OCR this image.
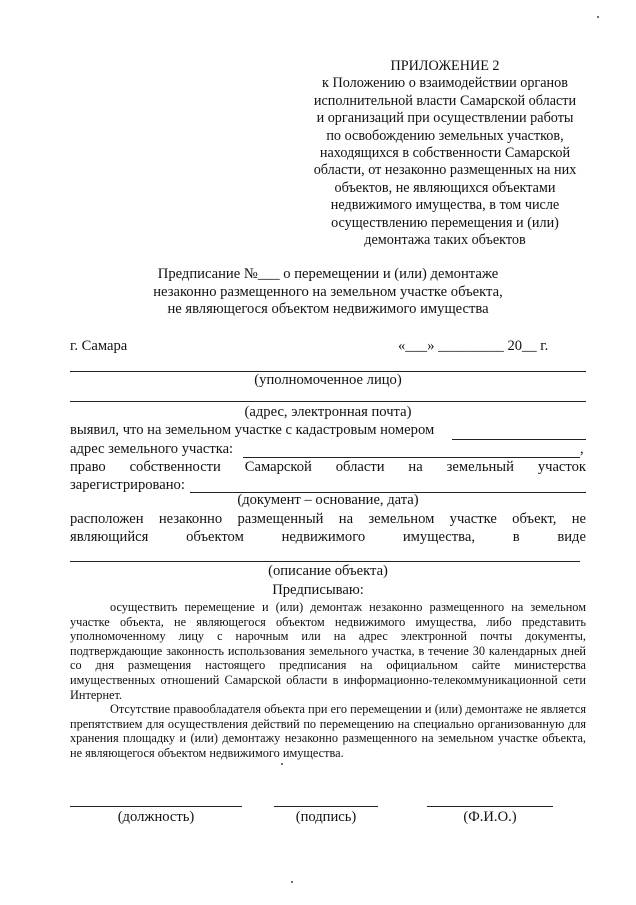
ПРИЛОЖЕНИЕ 2
к Положению о взаимодействии органов
исполнительной власти Самарской области
и организаций при осуществлении работы
по освобождению земельных участков,
находящихся в собственности Самарской
области, от незаконно размещенных на них
объектов, не являющихся объектами
недвижимого имущества, в том числе
осуществлению перемещения и (или)
демонтажа таких объектов
Предписание №___ о перемещении и (или) демонтаже
незаконно размещенного на земельном участке объекта,
не являющегося объектом недвижимого имущества
г. Самара	«___» _________ 20__ г.
(уполномоченное лицо)
(адрес, электронная почта)
выявил, что на земельном участке с кадастровым номером
адрес земельного участка:	,
право собственности Самарской области на земельный участок
зарегистрировано:
(документ – основание, дата)
расположен незаконно размещенный на земельном участке объект, не
являющийся	объектом	недвижимого	имущества,	в	виде
(описание объекта)
Предписываю:

осуществить перемещение и (или) демонтаж незаконно размещенного на земельном участке объекта, не являющегося объектом недвижимого имущества, либо представить уполномоченному лицу с нарочным или на адрес электронной почты документы, подтверждающие законность использования земельного участка, в течение 30 календарных дней со дня размещения настоящего предписания на официальном сайте министерства имущественных отношений Самарской области в информационно-телекоммуникационной сети Интернет.

Отсутствие правообладателя объекта при его перемещении и (или) демонтаже не является препятствием для осуществления действий по перемещению на специально организованную для хранения площадку и (или) демонтажу незаконно размещенного на земельном участке объекта, не являющегося объектом недвижимого имущества.

(должность)	(подпись)	(Ф.И.О.)
